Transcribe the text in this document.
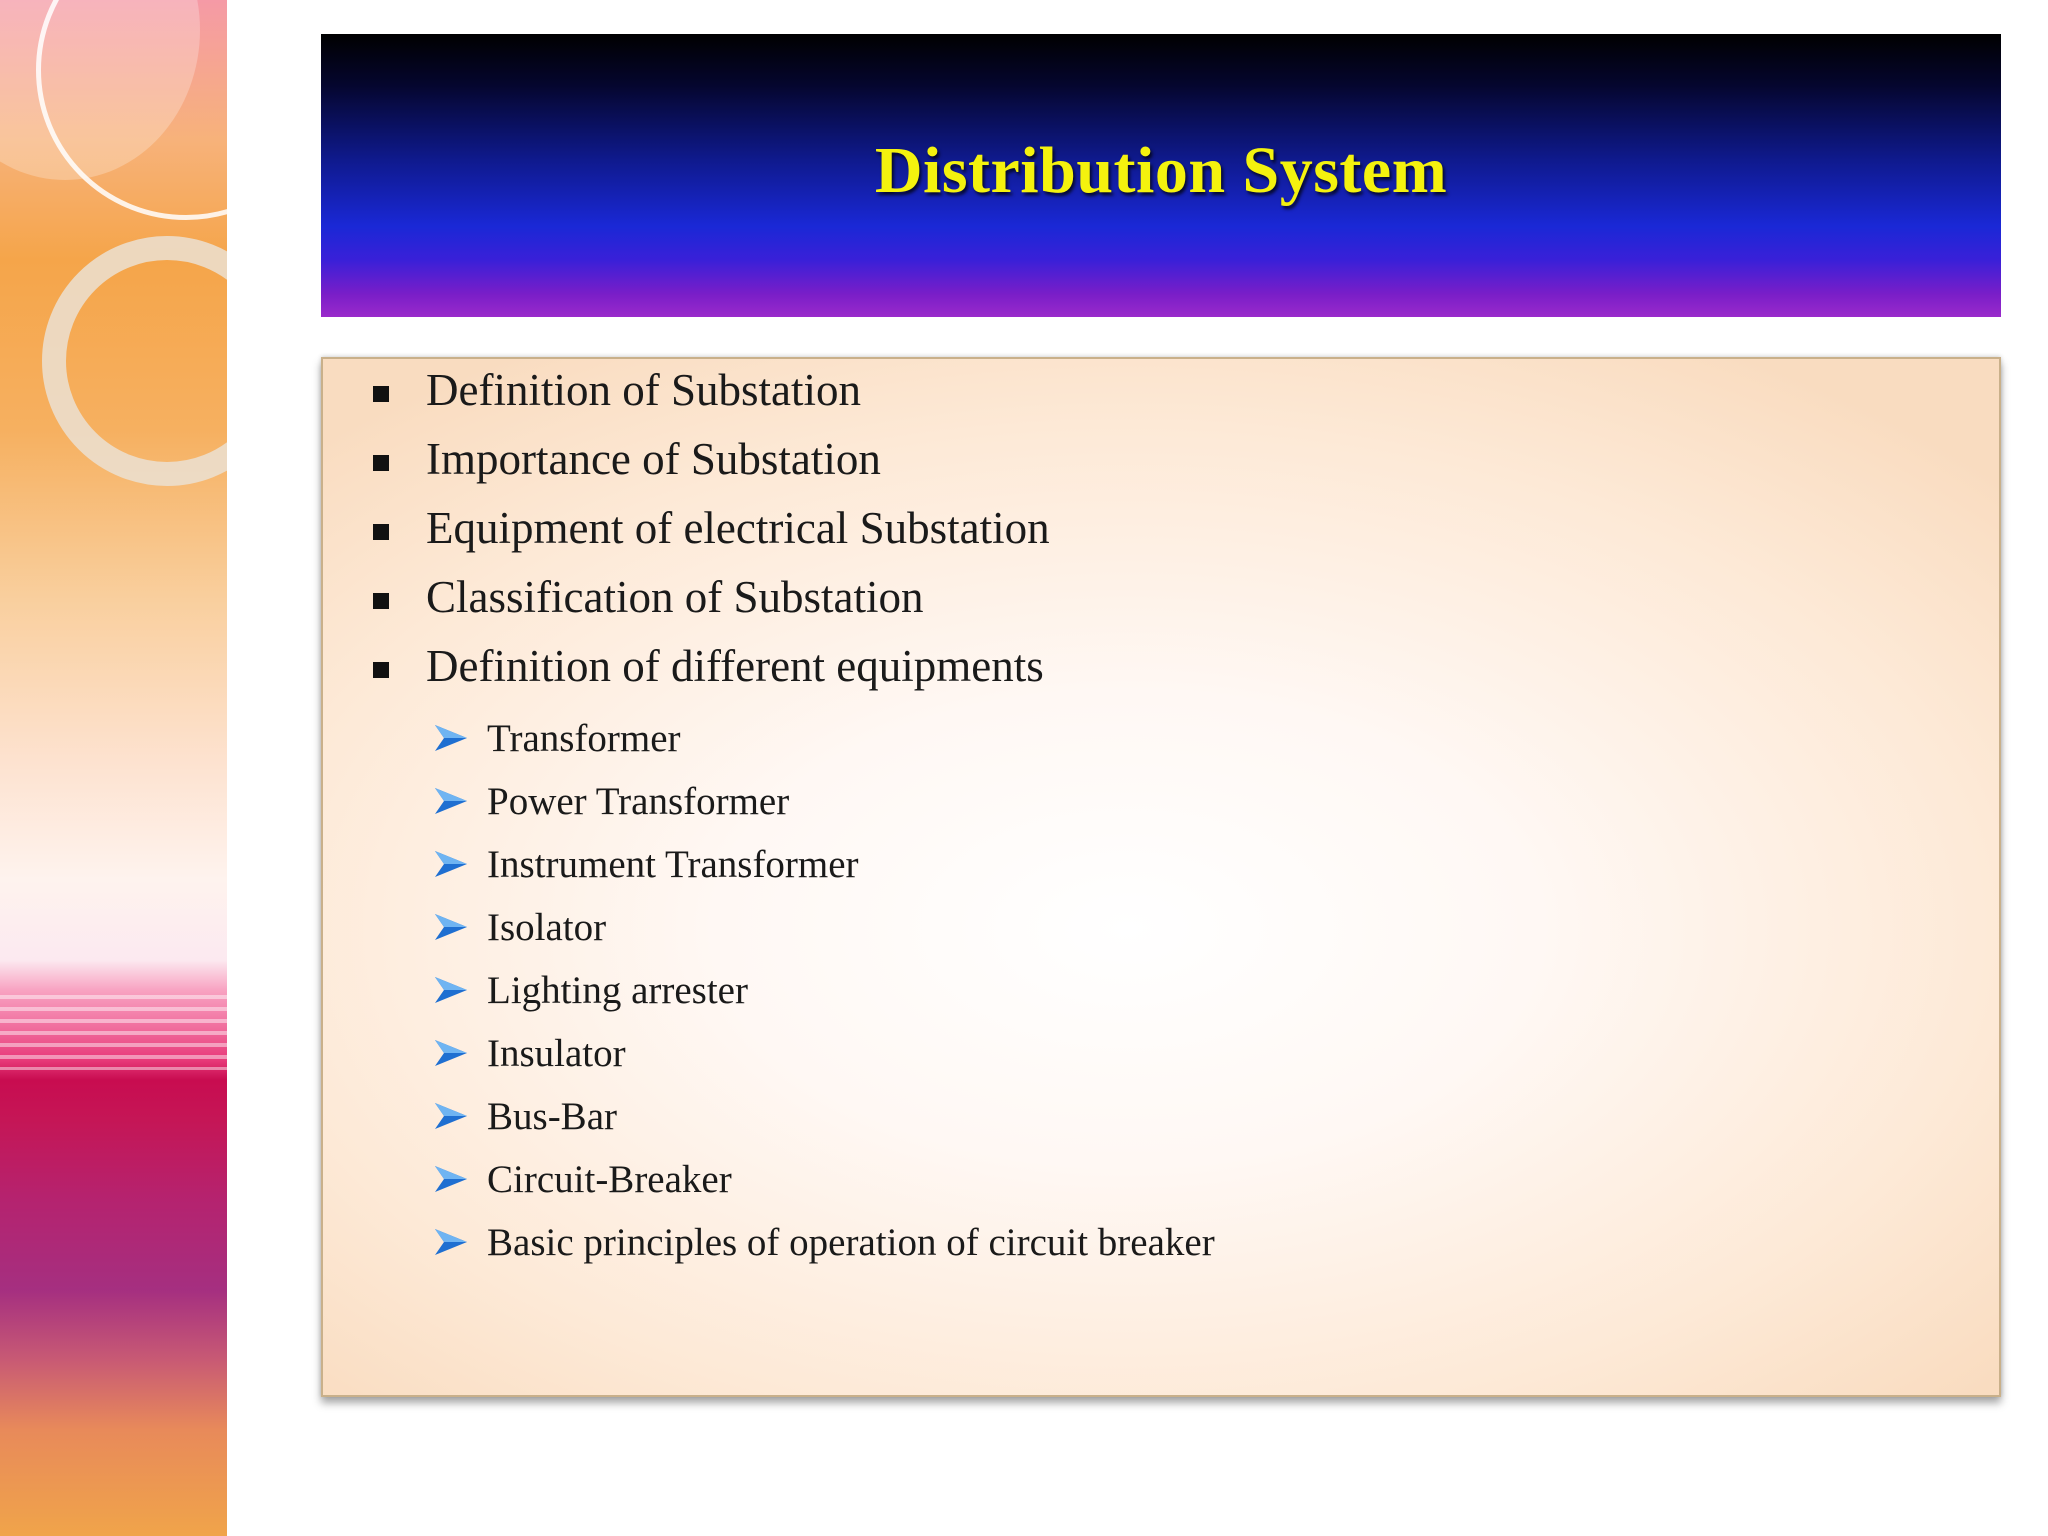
Distribution System
Definition of Substation
Importance of Substation
Equipment of electrical Substation
Classification of Substation
Definition of different equipments
Transformer
Power Transformer
Instrument Transformer
Isolator
Lighting arrester
Insulator
Bus-Bar
Circuit-Breaker
Basic principles of operation of circuit breaker
